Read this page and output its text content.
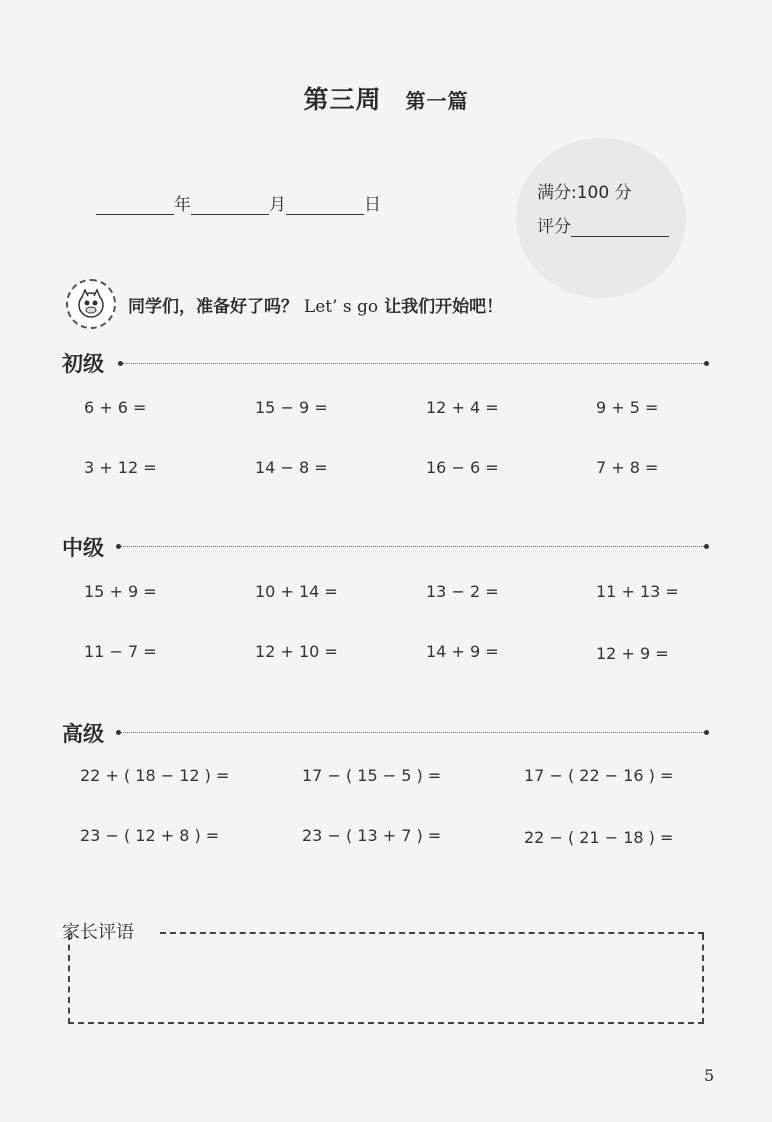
第三周 第一篇
年	月	日
满分:100 分
评分
同学们，准备好了吗？ Let’ s go 让我们开始吧！
初级
6 + 6 =	15 − 9 =	12 + 4 =	9 + 5 =
3 + 12 =	14 − 8 =	16 − 6 =	7 + 8 =
中级
15 + 9 =	10 + 14 =	13 − 2 =	11 + 13 =
11 − 7 =	12 + 10 =	14 + 9 =	12 + 9 =
高级
22 + ( 18 − 12 ) =	17 − ( 15 − 5 ) =	17 − ( 22 − 16 ) =
23 − ( 12 + 8 ) =	23 − ( 13 + 7 ) =	22 − ( 21 − 18 ) =
家长评语
5
